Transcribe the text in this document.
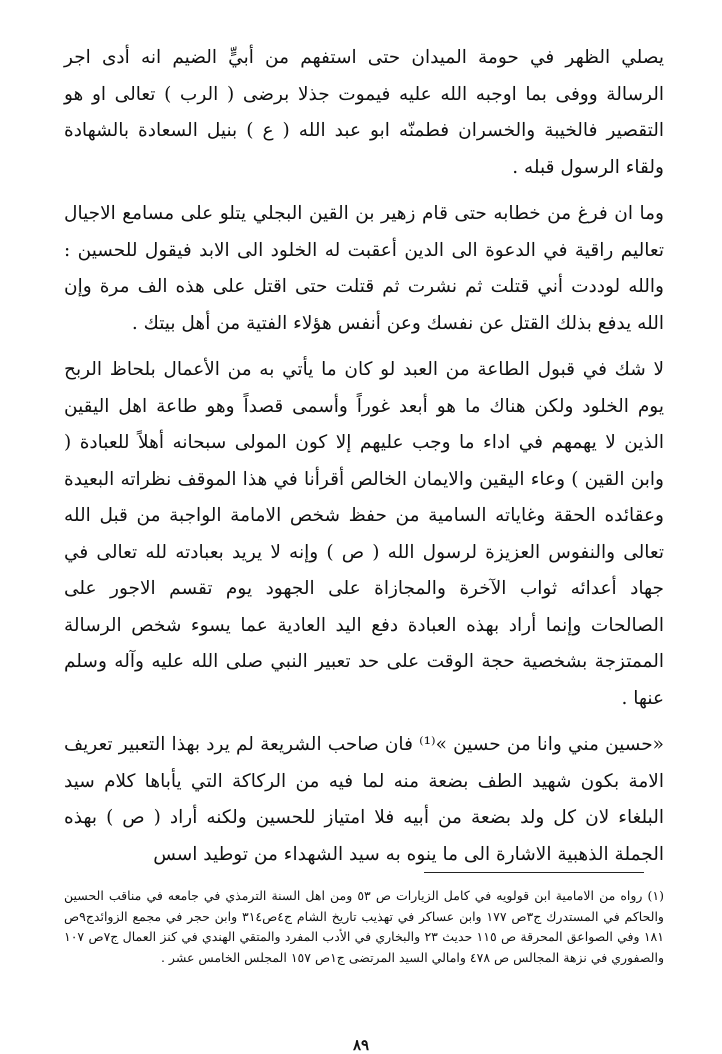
يصلي الظهر في حومة الميدان حتى استفهم من أبيٍّ الضيم انه أدى اجر الرسالة ووفى بما اوجبه الله عليه فيموت جذلا برضى ( الرب ) تعالى او هو التقصير فالخيبة والخسران فطمنّه ابو عبد الله ( ع ) بنيل السعادة بالشهادة ولقاء الرسول قبله .

وما ان فرغ من خطابه حتى قام زهير بن القين البجلي يتلو على مسامع الاجيال تعاليم راقية في الدعوة الى الدين أعقبت له الخلود الى الابد فيقول للحسين : والله لوددت أني قتلت ثم نشرت ثم قتلت حتى اقتل على هذه الف مرة وإن الله يدفع بذلك القتل عن نفسك وعن أنفس هؤلاء الفتية من أهل بيتك .

لا شك في قبول الطاعة من العبد لو كان ما يأتي به من الأعمال بلحاظ الربح يوم الخلود ولكن هناك ما هو أبعد غوراً وأسمى قصداً وهو طاعة اهل اليقين الذين لا يهمهم في اداء ما وجب عليهم إلا كون المولى سبحانه أهلاً للعبادة ( وابن القين ) وعاء اليقين والايمان الخالص أقرأنا في هذا الموقف نظراته البعيدة وعقائده الحقة وغاياته السامية من حفظ شخص الامامة الواجبة من قبل الله تعالى والنفوس العزيزة لرسول الله ( ص ) وإنه لا يريد بعبادته لله تعالى في جهاد أعدائه ثواب الآخرة والمجازاة على الجهود يوم تقسم الاجور على الصالحات وإنما أراد بهذه العبادة دفع اليد العادية عما يسوء شخص الرسالة الممتزجة بشخصية حجة الوقت على حد تعبير النبي صلى الله عليه وآله وسلم عنها .

«حسين مني وانا من حسين »⁽¹⁾ فان صاحب الشريعة لم يرد بهذا التعبير تعريف الامة بكون شهيد الطف بضعة منه لما فيه من الركاكة التي يأباها كلام سيد البلغاء لان كل ولد بضعة من أبيه فلا امتياز للحسين ولكنه أراد ( ص ) بهذه الجملة الذهبية الاشارة الى ما ينوه به سيد الشهداء من توطيد اسس

(١) رواه من الامامية ابن قولويه في كامل الزيارات ص ٥٣ ومن اهل السنة الترمذي في جامعه في مناقب الحسين والحاكم في المستدرك ج٣ص ١٧٧ وابن عساكر في تهذيب تاريخ الشام ج٤ص٣١٤ وابن حجر في مجمع الزوائدج٩ص ١٨١ وفي الصواعق المحرقة ص ١١٥ حديث ٢٣ والبخاري في الأدب المفرد والمتقي الهندي في كنز العمال ج٧ص ١٠٧ والصفوري في نزهة المجالس ص ٤٧٨ وامالي السيد المرتضى ج١ص ١٥٧ المجلس الخامس عشر .

٨٩
